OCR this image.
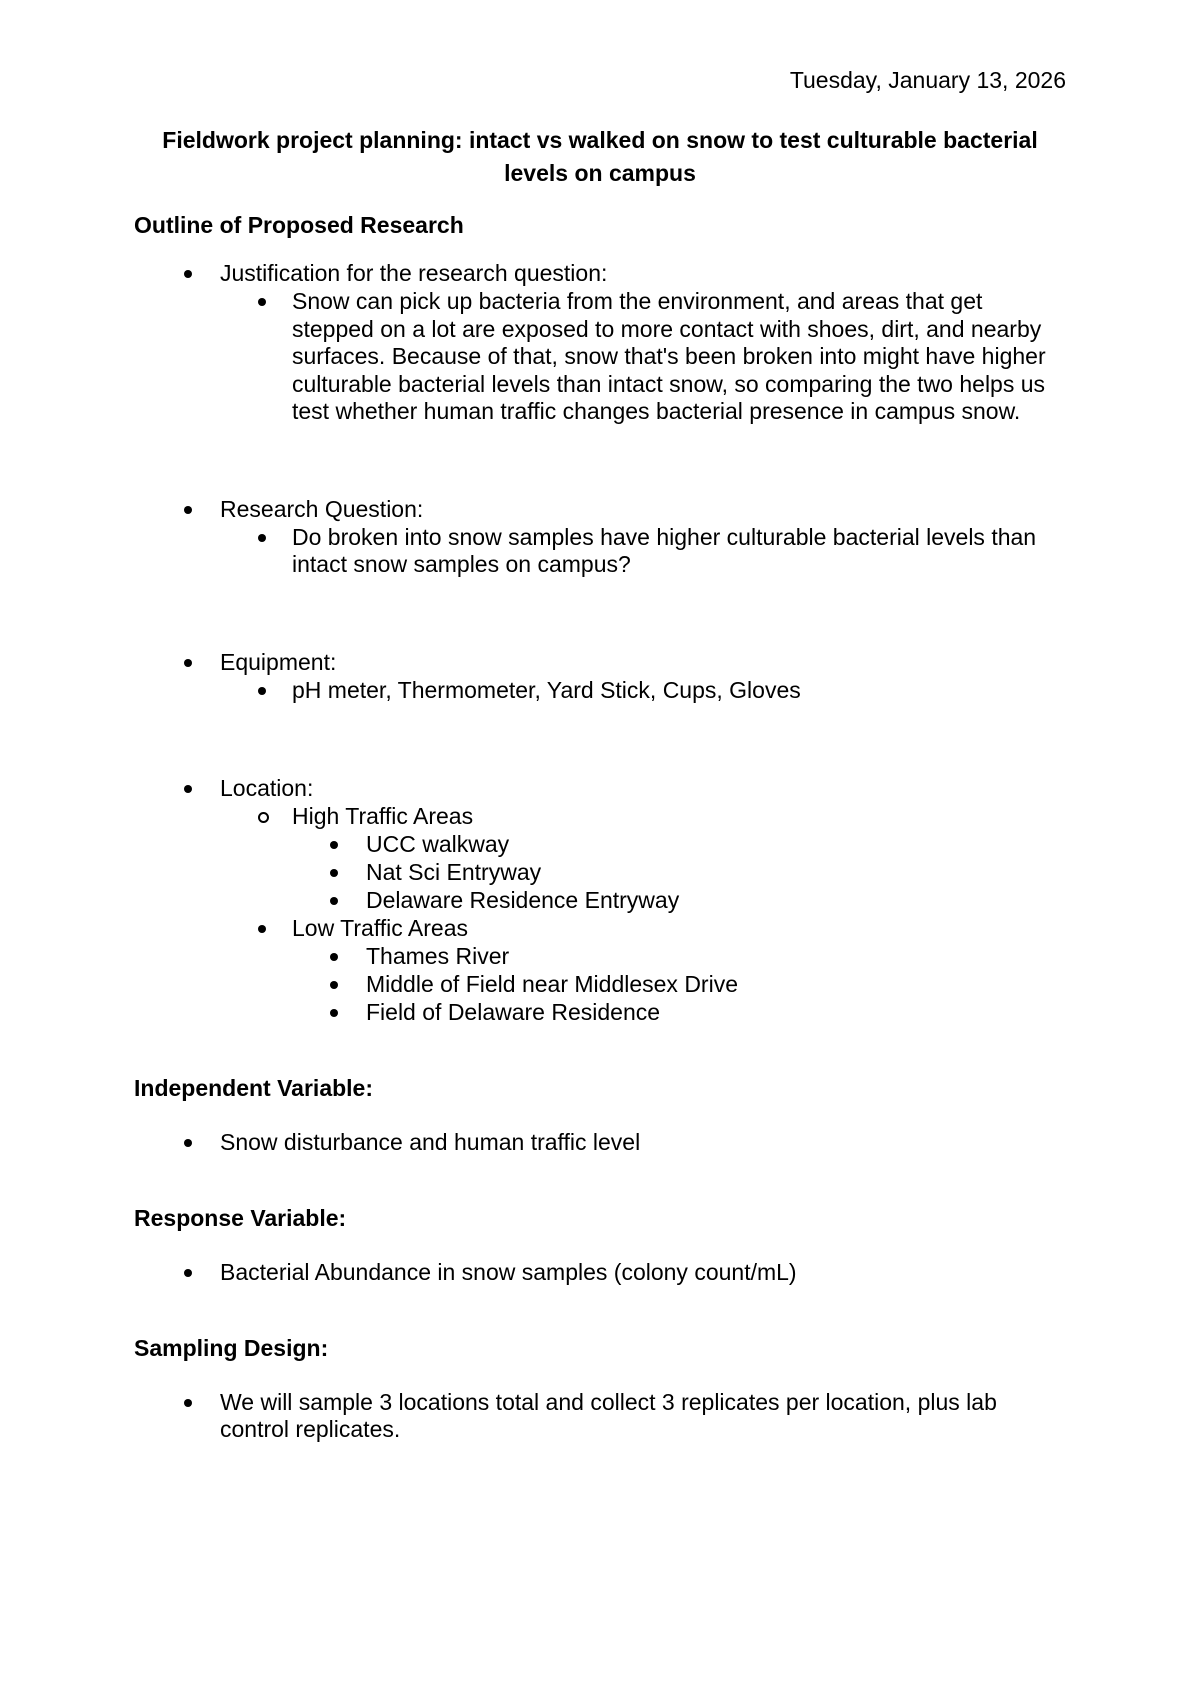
Tuesday, January 13, 2026
Fieldwork project planning: intact vs walked on snow to test culturable bacterial levels on campus
Outline of Proposed Research
Justification for the research question:
Snow can pick up bacteria from the environment, and areas that get stepped on a lot are exposed to more contact with shoes, dirt, and nearby surfaces. Because of that, snow that's been broken into might have higher culturable bacterial levels than intact snow, so comparing the two helps us test whether human traffic changes bacterial presence in campus snow.
Research Question:
Do broken into snow samples have higher culturable bacterial levels than intact snow samples on campus?
Equipment:
pH meter, Thermometer, Yard Stick, Cups, Gloves
Location:
High Traffic Areas
UCC walkway
Nat Sci Entryway
Delaware Residence Entryway
Low Traffic Areas
Thames River
Middle of Field near Middlesex Drive
Field of Delaware Residence
Independent Variable:
Snow disturbance and human traffic level
Response Variable:
Bacterial Abundance in snow samples (colony count/mL)
Sampling Design:
We will sample 3 locations total and collect 3 replicates per location, plus lab control replicates.
